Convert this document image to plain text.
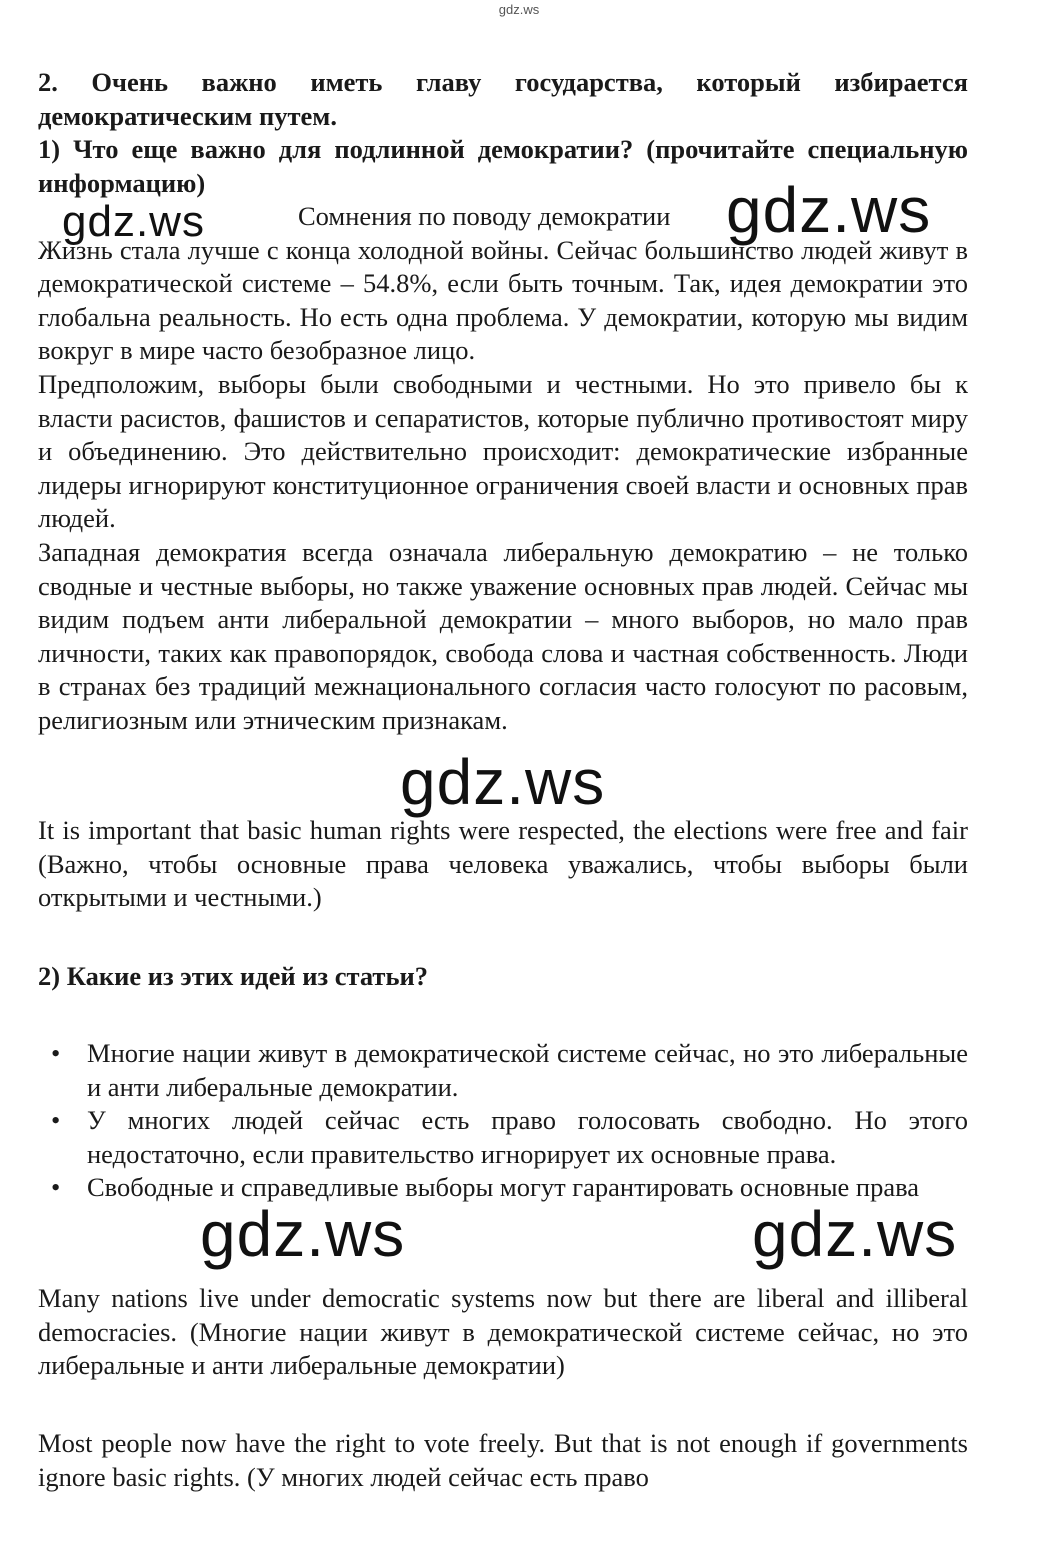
gdz.ws

2. Очень важно иметь главу государства, который избирается демократическим путем.

1) Что еще важно для подлинной демократии? (прочитайте специальную информацию)

Сомнения по поводу демократии

Жизнь стала лучше с конца холодной войны. Сейчас большинство людей живут в демократической системе – 54.8%, если быть точным. Так, идея демократии это глобальна реальность. Но есть одна проблема. У демократии, которую мы видим вокруг в мире часто безобразное лицо.

Предположим, выборы были свободными и честными. Но это привело бы к власти расистов, фашистов и сепаратистов, которые публично противостоят миру и объединению. Это действительно происходит: демократические избранные лидеры игнорируют конституционное ограничения своей власти и основных прав людей.

Западная демократия всегда означала либеральную демократию – не только сводные и честные выборы, но также уважение основных прав людей. Сейчас мы видим подъем анти либеральной демократии – много выборов, но мало прав личности, таких как правопорядок, свобода слова и частная собственность. Люди в странах без традиций межнационального согласия часто голосуют по расовым, религиозным или этническим признакам.

It is important that basic human rights were respected, the elections were free and fair (Важно, чтобы основные права человека уважались, чтобы выборы были открытыми и честными.)

2) Какие из этих идей из статьи?

• Многие нации живут в демократической системе сейчас, но это либеральные и анти либеральные демократии.

• У многих людей сейчас есть право голосовать свободно. Но этого недостаточно, если правительство игнорирует их основные права.

• Свободные и справедливые выборы могут гарантировать основные права

Many nations live under democratic systems now but there are liberal and illiberal democracies. (Многие нации живут в демократической системе сейчас, но это либеральные и анти либеральные демократии)

Most people now have the right to vote freely. But that is not enough if governments ignore basic rights. (У многих людей сейчас есть право

gdz.ws	gdz.ws
gdz.ws
gdz.ws	gdz.ws
